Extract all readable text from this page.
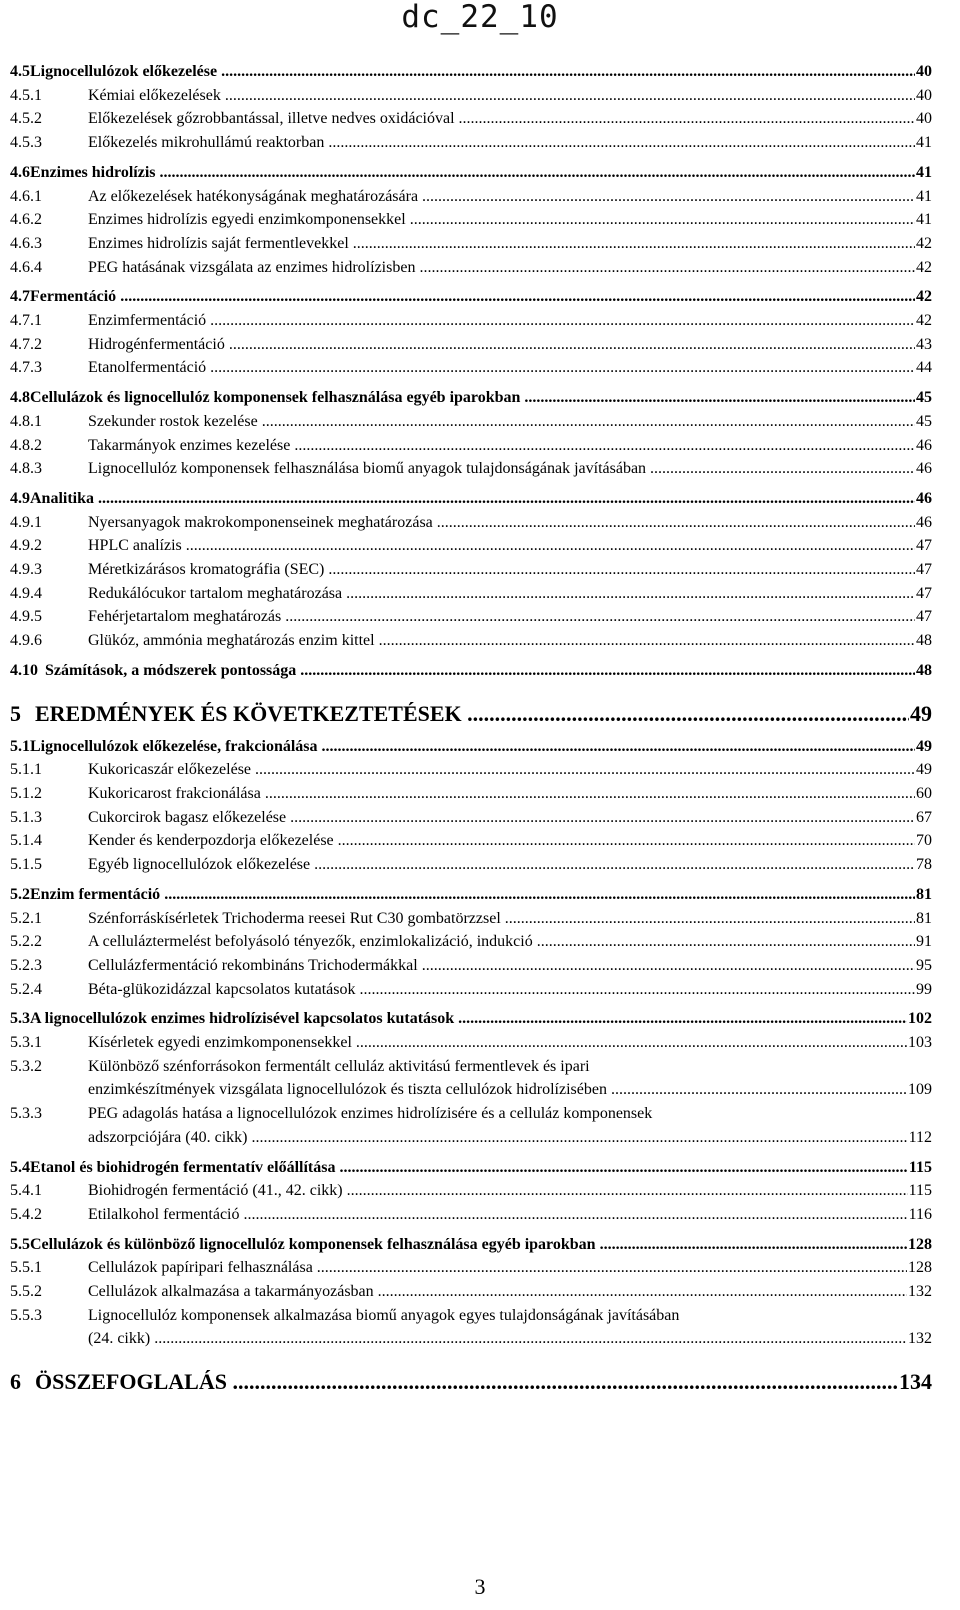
dc_22_10
4.5 Lignocellulózok előkezelése .....	40
4.5.1	Kémiai előkezelések .....	40
4.5.2	Előkezelések gőzrobbantással, illetve nedves oxidációval .....	40
4.5.3	Előkezelés mikrohullámú reaktorban .....	41
4.6 Enzimes hidrolízis .....	41
4.6.1	Az előkezelések hatékonyságának meghatározására .....	41
4.6.2	Enzimes hidrolízis egyedi enzimkomponensekkel .....	41
4.6.3	Enzimes hidrolízis saját fermentlevekkel .....	42
4.6.4	PEG hatásának vizsgálata az enzimes hidrolízisben .....	42
4.7 Fermentáció .....	42
4.7.1	Enzimfermentáció .....	42
4.7.2	Hidrogénfermentáció .....	43
4.7.3	Etanolfermentáció .....	44
4.8 Cellulázok és lignocellulóz komponensek felhasználása egyéb iparokban .....	45
4.8.1	Szekunder rostok kezelése .....	45
4.8.2	Takarmányok enzimes kezelése .....	46
4.8.3	Lignocellulóz komponensek felhasználása biomű anyagok tulajdonságának javításában .....	46
4.9 Analitika .....	46
4.9.1	Nyersanyagok makrokomponenseinek meghatározása .....	46
4.9.2	HPLC analízis .....	47
4.9.3	Méretkizárásos kromatográfia (SEC) .....	47
4.9.4	Redukálócukor tartalom meghatározása .....	47
4.9.5	Fehérjetartalom meghatározás .....	47
4.9.6	Glükóz, ammónia meghatározás enzim kittel .....	48
4.10 Számítások, a módszerek pontossága .....	48
5 EREDMÉNYEK ÉS KÖVETKEZTETÉSEK .....	49
5.1 Lignocellulózok előkezelése, frakcionálása .....	49
5.1.1	Kukoricaszár előkezelése .....	49
5.1.2	Kukoricarost frakcionálása .....	60
5.1.3	Cukorcirok bagasz előkezelése .....	67
5.1.4	Kender és kenderpozdorja előkezelése .....	70
5.1.5	Egyéb lignocellulózok előkezelése .....	78
5.2 Enzim fermentáció .....	81
5.2.1	Szénforráskísérletek Trichoderma reesei Rut C30 gombatörzzsel .....	81
5.2.2	A celluláztermelést befolyásoló tényezők, enzimlokalizáció, indukció .....	91
5.2.3	Cellulázfermentáció rekombináns Trichodermákkal .....	95
5.2.4	Béta-glükozidázzal kapcsolatos kutatások .....	99
5.3 A lignocellulózok enzimes hidrolízisével kapcsolatos kutatások .....	102
5.3.1	Kísérletek egyedi enzimkomponensekkel .....	103
5.3.2	Különböző szénforrásokon fermentált celluláz aktivitású fermentlevek és ipari
enzimkészítmények vizsgálata lignocellulózok és tiszta cellulózok hidrolízisében .....	109
5.3.3	PEG adagolás hatása a lignocellulózok enzimes hidrolízisére és a celluláz komponensek
adszorpciójára (40. cikk) .....	112
5.4 Etanol és biohidrogén fermentatív előállítása .....	115
5.4.1	Biohidrogén fermentáció (41., 42. cikk) .....	115
5.4.2	Etilalkohol fermentáció .....	116
5.5 Cellulázok és különböző lignocellulóz komponensek felhasználása egyéb iparokban .....	128
5.5.1	Cellulázok papíripari felhasználása .....	128
5.5.2	Cellulázok alkalmazása a takarmányozásban .....	132
5.5.3	Lignocellulóz komponensek alkalmazása biomű anyagok egyes tulajdonságának javításában
(24. cikk) .....	132
6 ÖSSZEFOGLALÁS .....	134
3
